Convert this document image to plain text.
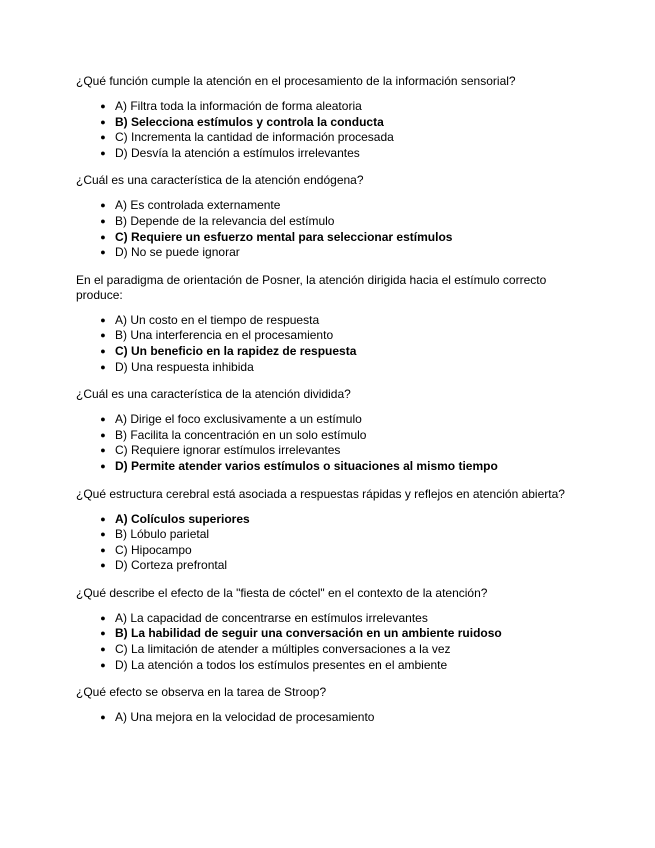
¿Qué función cumple la atención en el procesamiento de la información sensorial?

● A) Filtra toda la información de forma aleatoria
● B) Selecciona estímulos y controla la conducta
● C) Incrementa la cantidad de información procesada
● D) Desvía la atención a estímulos irrelevantes

¿Cuál es una característica de la atención endógena?

● A) Es controlada externamente
● B) Depende de la relevancia del estímulo
● C) Requiere un esfuerzo mental para seleccionar estímulos
● D) No se puede ignorar

En el paradigma de orientación de Posner, la atención dirigida hacia el estímulo correcto produce:

● A) Un costo en el tiempo de respuesta
● B) Una interferencia en el procesamiento
● C) Un beneficio en la rapidez de respuesta
● D) Una respuesta inhibida

¿Cuál es una característica de la atención dividida?

● A) Dirige el foco exclusivamente a un estímulo
● B) Facilita la concentración en un solo estímulo
● C) Requiere ignorar estímulos irrelevantes
● D) Permite atender varios estímulos o situaciones al mismo tiempo

¿Qué estructura cerebral está asociada a respuestas rápidas y reflejos en atención abierta?

● A) Colículos superiores
● B) Lóbulo parietal
● C) Hipocampo
● D) Corteza prefrontal

¿Qué describe el efecto de la "fiesta de cóctel" en el contexto de la atención?

● A) La capacidad de concentrarse en estímulos irrelevantes
● B) La habilidad de seguir una conversación en un ambiente ruidoso
● C) La limitación de atender a múltiples conversaciones a la vez
● D) La atención a todos los estímulos presentes en el ambiente

¿Qué efecto se observa en la tarea de Stroop?

● A) Una mejora en la velocidad de procesamiento
